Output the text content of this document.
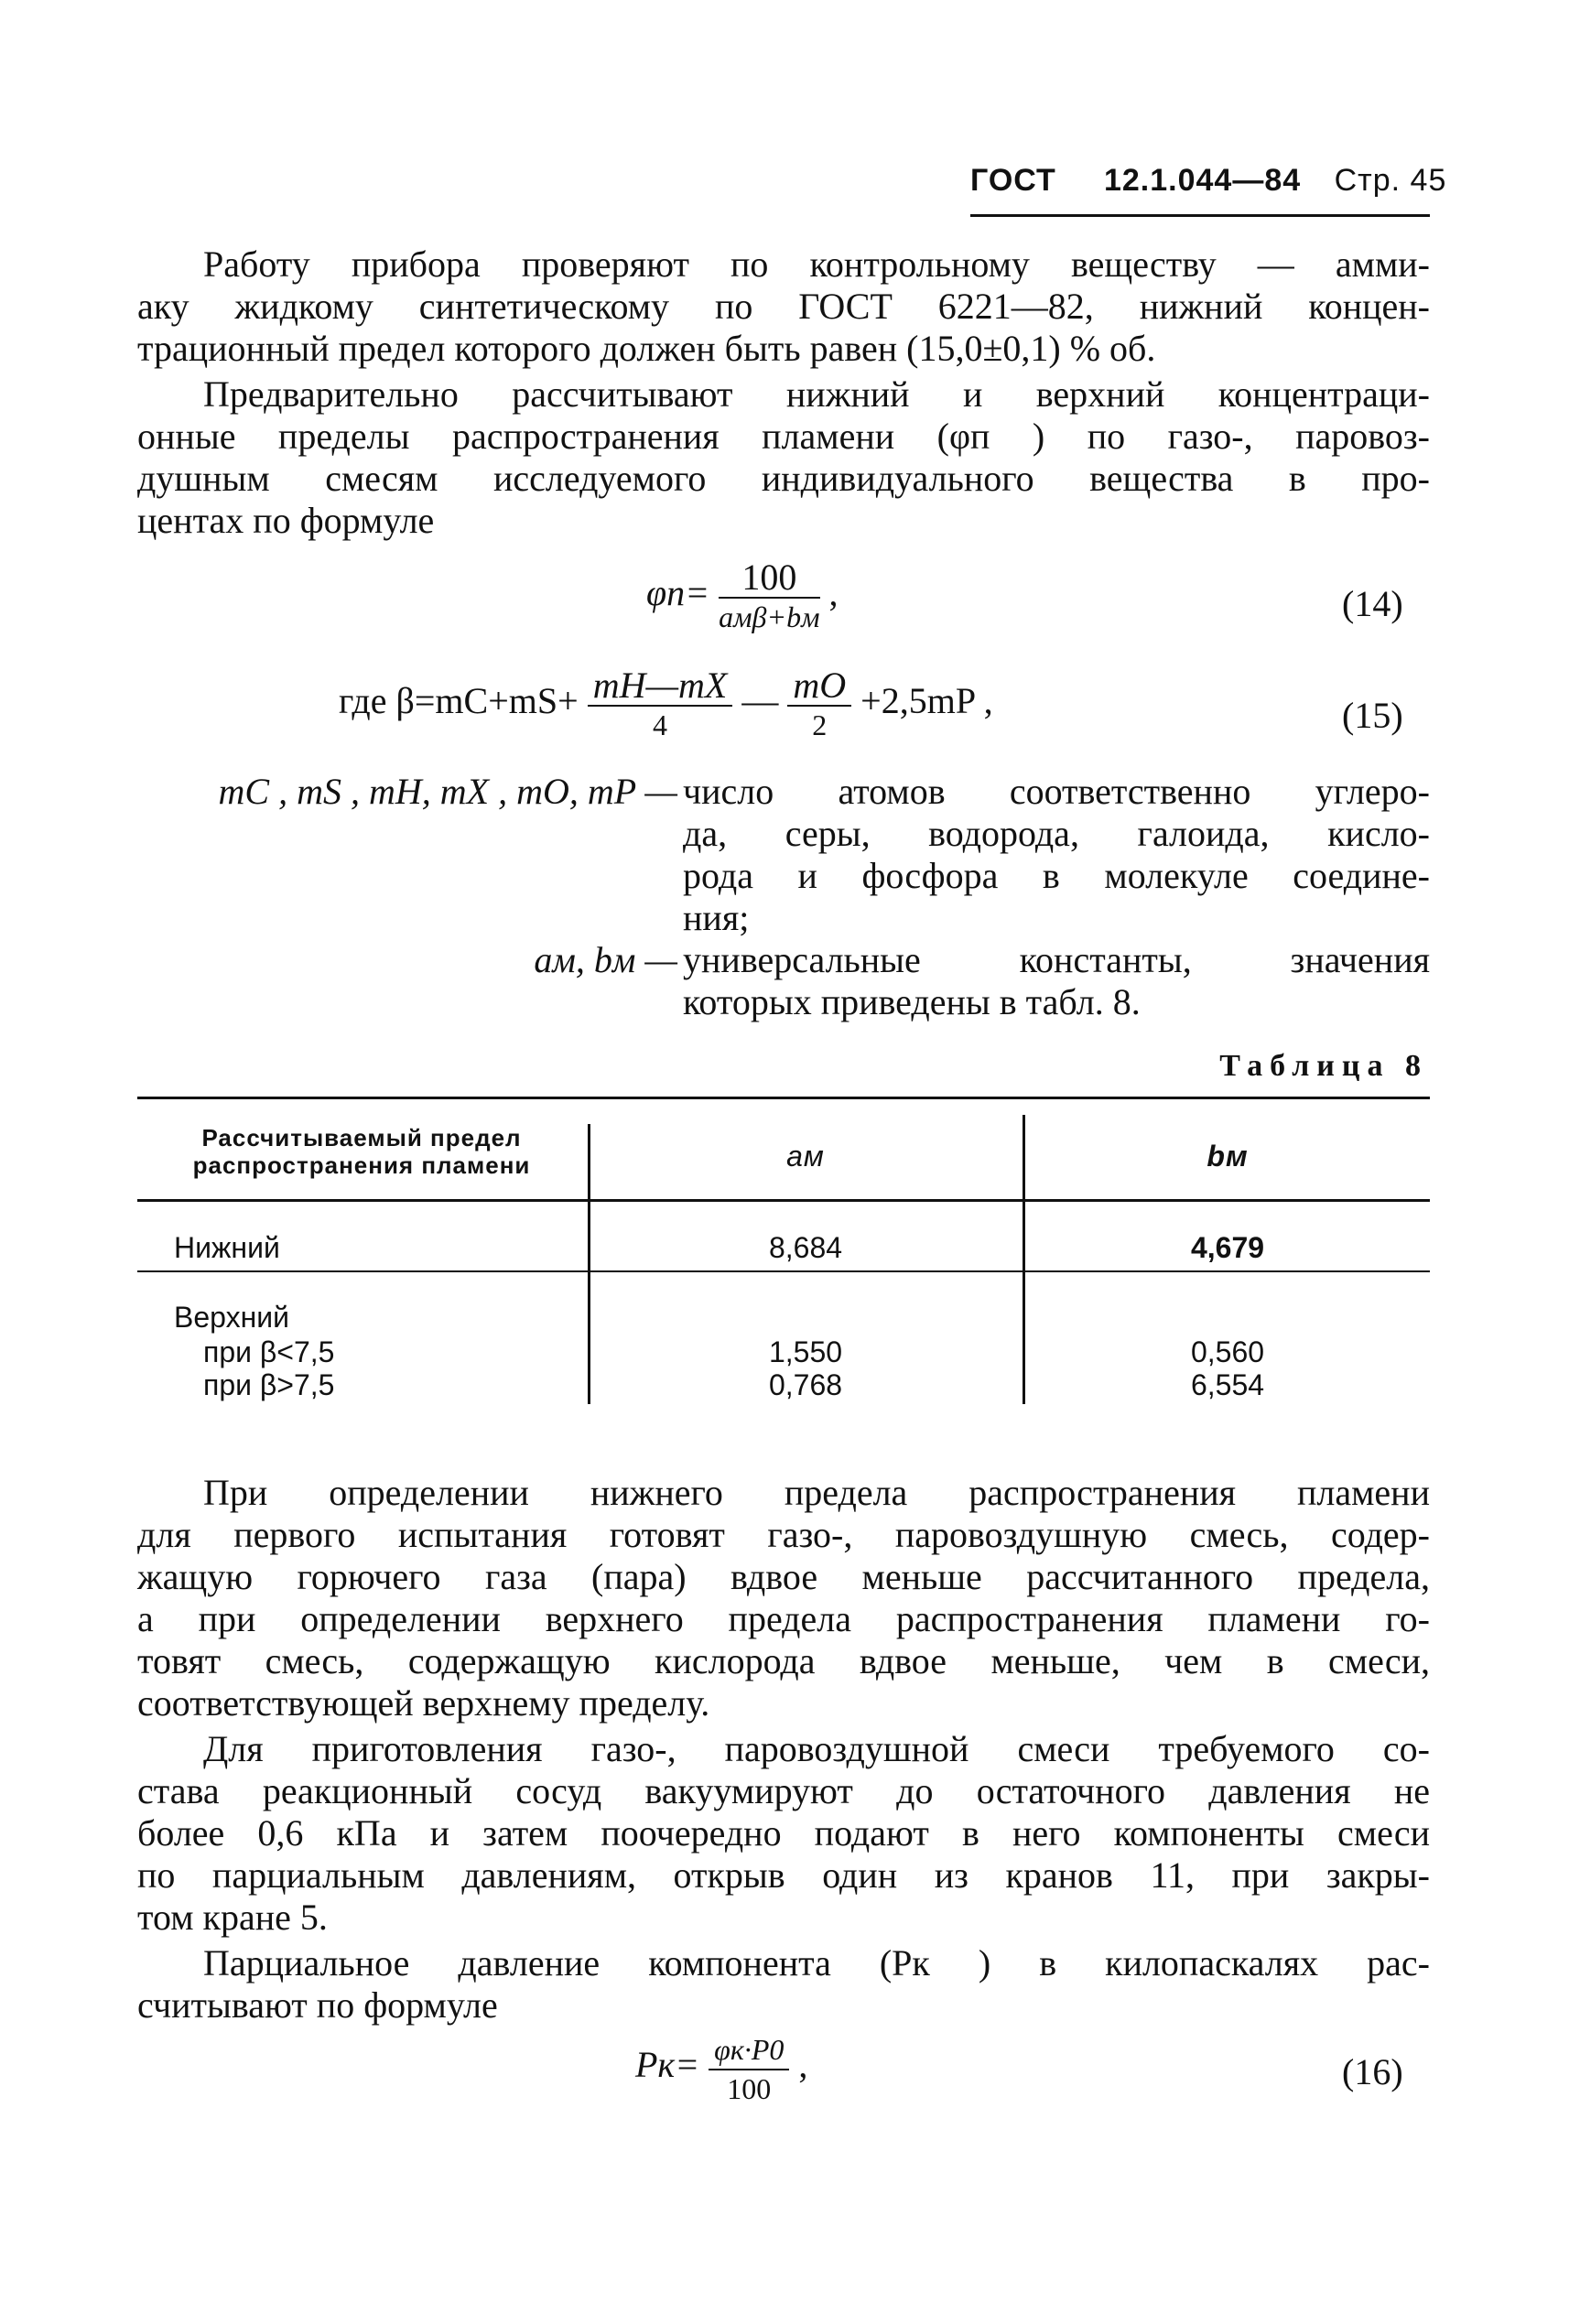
ГОСТ 12.1.044—84 Стр. 45
Работу прибора проверяют по контрольному веществу — амми-
аку жидкому синтетическому по ГОСТ 6221—82, нижний концен-
трационный предел которого должен быть равен (15,0±0,1) % об.
Предварительно рассчитывают нижний и верхний концентраци-
онные пределы распространения пламени (φп ) по газо-, паровоз-
душным смесям исследуемого индивидуального вещества в про-
центах по формуле
$\varphi п= \frac{100}{\text{aмβ+bм}}$ ,	(14)
где $\beta=mC+mS+ \frac{mH—mX}{4}$ — $\frac{mO}{2} +2,5mP$ ,	(15)
mC , mS , mH, mX , mO, mP — число атомов соответственно углеро-
да, серы, водорода, галоида, кисло-
рода и фосфора в молекуле соедине-
ния;
aм, bм — универсальные константы, значения
которых приведены в табл. 8.
Таблица 8
Рассчитываемый предел распространения пламени	aм	bм
Нижний	8,684	4,679
Верхний
при β<7,5	1,550	0,560
при β>7,5	0,768	6,554
При определении нижнего предела распространения пламени
для первого испытания готовят газо-, паровоздушную смесь, содер-
жащую горючего газа (пара) вдвое меньше рассчитанного предела,
а при определении верхнего предела распространения пламени го-
товят смесь, содержащую кислорода вдвое меньше, чем в смеси,
соответствующей верхнему пределу.
Для приготовления газо-, паровоздушной смеси требуемого со-
става реакционный сосуд вакуумируют до остаточного давления не
более 0,6 кПа и затем поочередно подают в него компоненты смеси
по парциальным давлениям, открыв один из кранов 11, при закры-
том кране 5.
Парциальное давление компонента (Pк ) в килопаскалях рас-
считывают по формуле
$Pк= \frac{\varphi к\cdot P0}{100}$ ,	(16)
